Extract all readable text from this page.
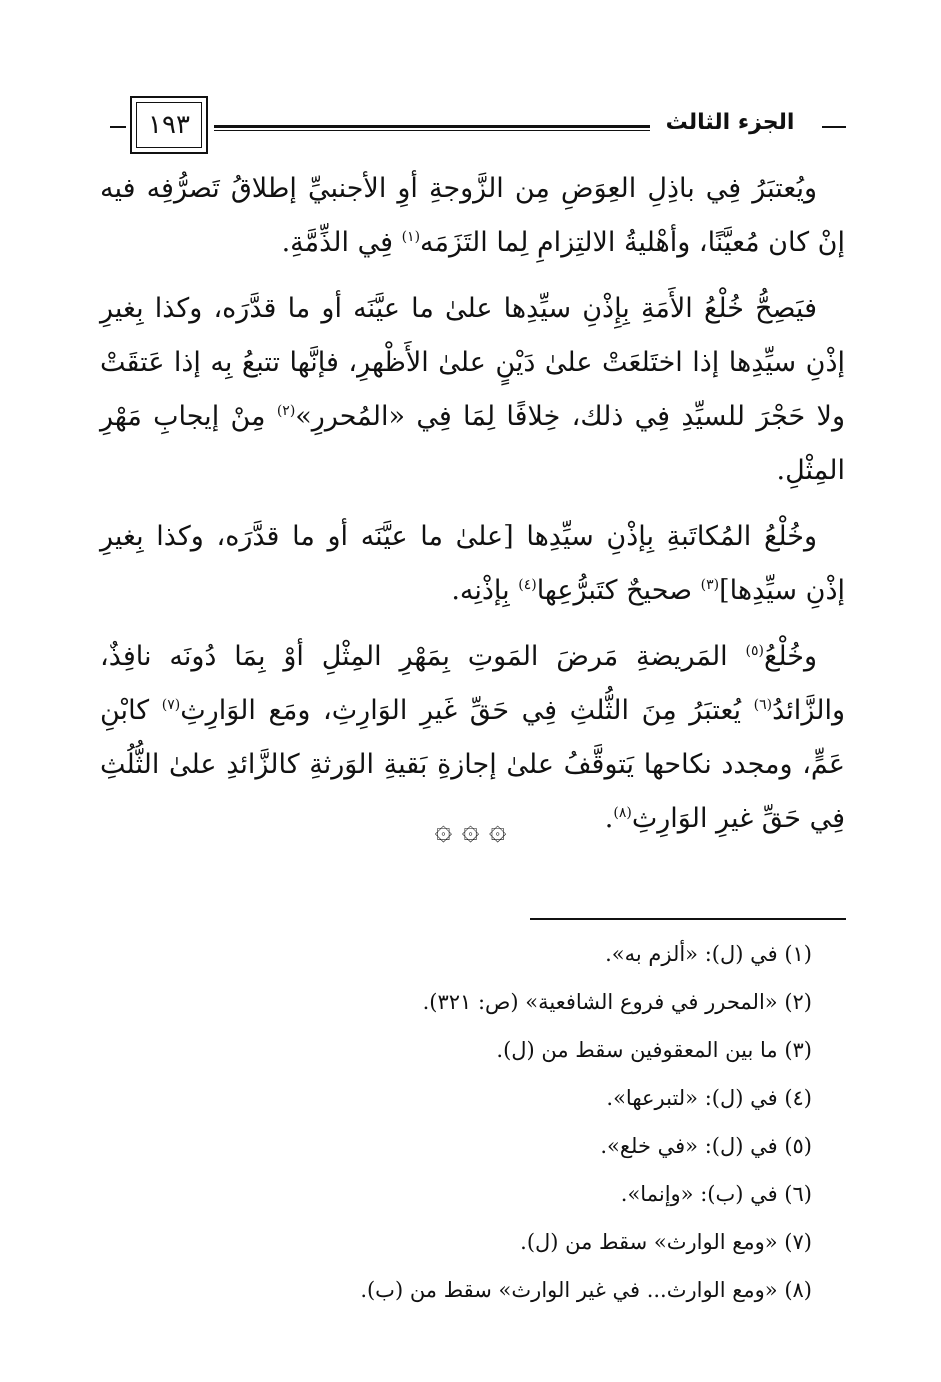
١٩٣	الجزء الثالث

ويُعتبَرُ فِي باذِلِ العِوَضِ مِن الزَّوجةِ أوِ الأجنبيِّ إطلاقُ تَصرُّفِه فيه إنْ كان مُعيَّنًا، وأهْليةُ الالتِزامِ لِما التَزَمَه$^{(١)}$ فِي الذِّمَّةِ.

فيَصِحُّ خُلْعُ الأَمَةِ بِإِذْنِ سيِّدِها علىٰ ما عيَّنَه أو ما قدَّرَه، وكذا بِغيرِ إذْنِ سيِّدِها إذا اختَلعَتْ علىٰ دَيْنٍ علىٰ الأَظْهرِ، فإنَّها تتبعُ بِه إذا عَتقَتْ ولا حَجْرَ للسيِّدِ فِي ذلك، خِلافًا لِمَا فِي «المُحررِ»$^{(٢)}$ مِنْ إيجابِ مَهْرِ المِثْلِ.

وخُلْعُ المُكاتَبةِ بِإذْنِ سيِّدِها [علىٰ ما عيَّنَه أو ما قدَّرَه، وكذا بِغيرِ إذْنِ سيِّدِها]$^{(٣)}$ صحيحٌ كتَبرُّعِها$^{(٤)}$ بِإذْنِه.

وخُلْعُ$^{(٥)}$ المَريضةِ مَرضَ المَوتِ بِمَهْرِ المِثْلِ أوْ بِمَا دُونَه نافِذٌ، والزَّائدُ$^{(٦)}$ يُعتبَرُ مِنَ الثُّلثِ فِي حَقِّ غَيرِ الوَارِثِ، ومَع الوَارِثِ$^{(٧)}$ كابْنِ عَمٍّ، ومجدد نكاحها يَتوقَّفُ علىٰ إجازةِ بَقيةِ الوَرثةِ كالزَّائدِ علىٰ الثُّلُثِ فِي حَقِّ غيرِ الوَارِثِ$^{(٨)}$.

۞ ۞ ۞
(١) في (ل): «ألزم به».
(٢) «المحرر في فروع الشافعية» (ص: ٣٢١).
(٣) ما بين المعقوفين سقط من (ل).
(٤) في (ل): «لتبرعها».
(٥) في (ل): «في خلع».
(٦) في (ب): «وإنما».
(٧) «ومع الوارث» سقط من (ل).
(٨) «ومع الوارث... في غير الوارث» سقط من (ب).
